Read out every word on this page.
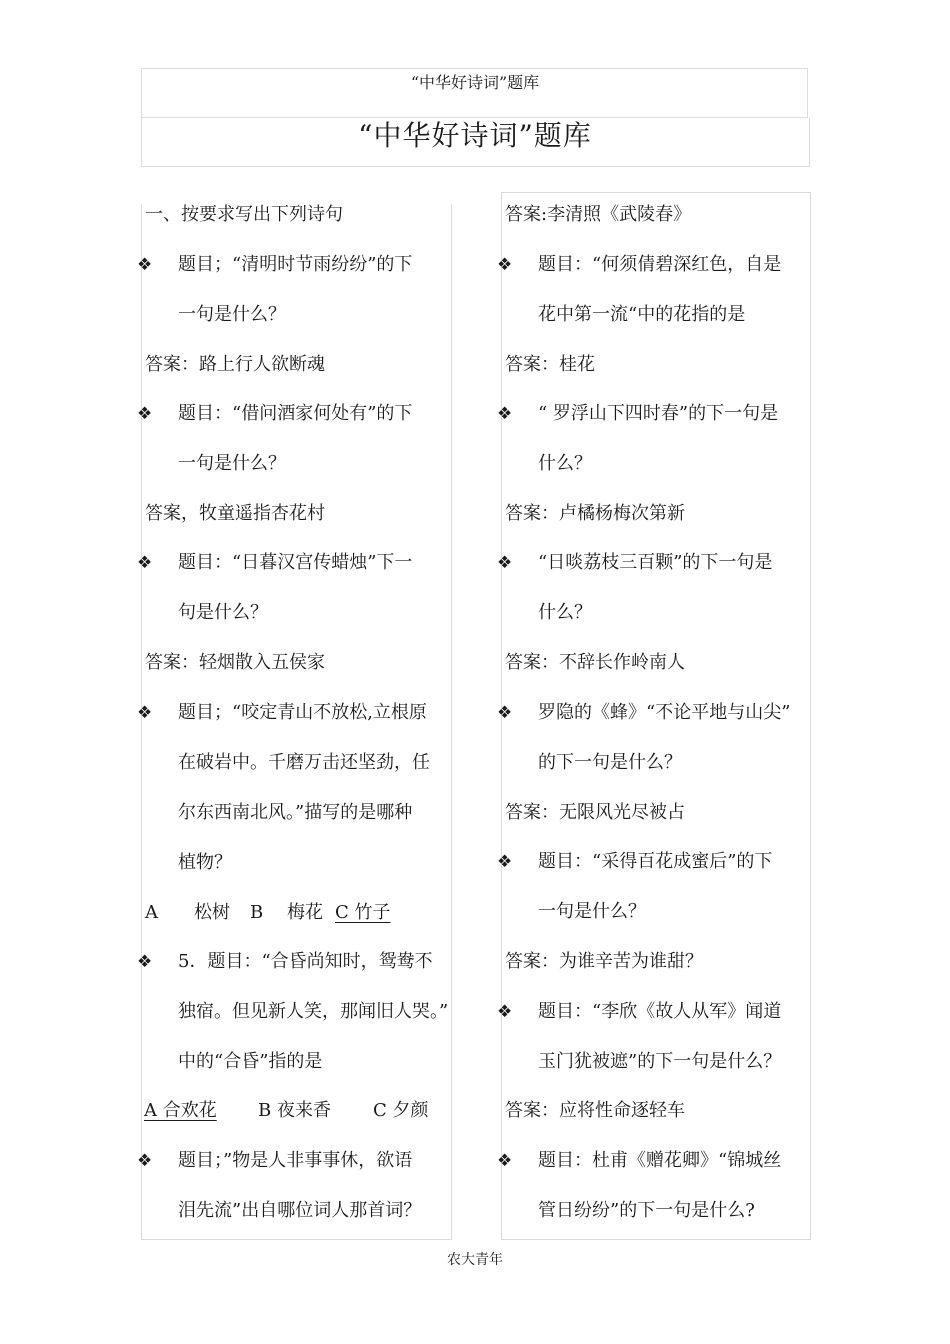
“中华好诗词”题库
“中华好诗词”题库
一、按要求写出下列诗句
❖ 题目；“清明时节雨纷纷”的下
一句是什么？
答案：路上行人欲断魂
❖ 题目：“借问酒家何处有”的下
一句是什么？
答案，牧童遥指杏花村
❖ 题目：“日暮汉宫传蜡烛”下一
句是什么？
答案：轻烟散入五侯家
❖ 题目；“咬定青山不放松,立根原
在破岩中。千磨万击还坚劲，任
尔东西南北风。”描写的是哪种
植物？
A　　松树 B　 梅花 C 竹子
❖ 5．题目：“合昏尚知时，鸳鸯不
独宿。但见新人笑，那闻旧人哭。”
中的“合昏”指的是
A 合欢花 B 夜来香 C 夕颜
❖ 题目；”物是人非事事休，欲语
泪先流”出自哪位词人那首词？
答案:李清照《武陵春》
❖ 题目：“何须倩碧深红色，自是
花中第一流“中的花指的是
答案：桂花
❖ “ 罗浮山下四时春”的下一句是
什么？
答案：卢橘杨梅次第新
❖ “日啖荔枝三百颗”的下一句是
什么？
答案：不辞长作岭南人
❖ 罗隐的《蜂》“不论平地与山尖”
的下一句是什么？
答案：无限风光尽被占
❖ 题目：“采得百花成蜜后”的下
一句是什么？
答案：为谁辛苦为谁甜？
❖ 题目：“李欣《故人从军》闻道
玉门犹被遮”的下一句是什么？
答案：应将性命逐轻车
❖ 题目：杜甫《赠花卿》“锦城丝
管日纷纷”的下一句是什么?
农大青年
